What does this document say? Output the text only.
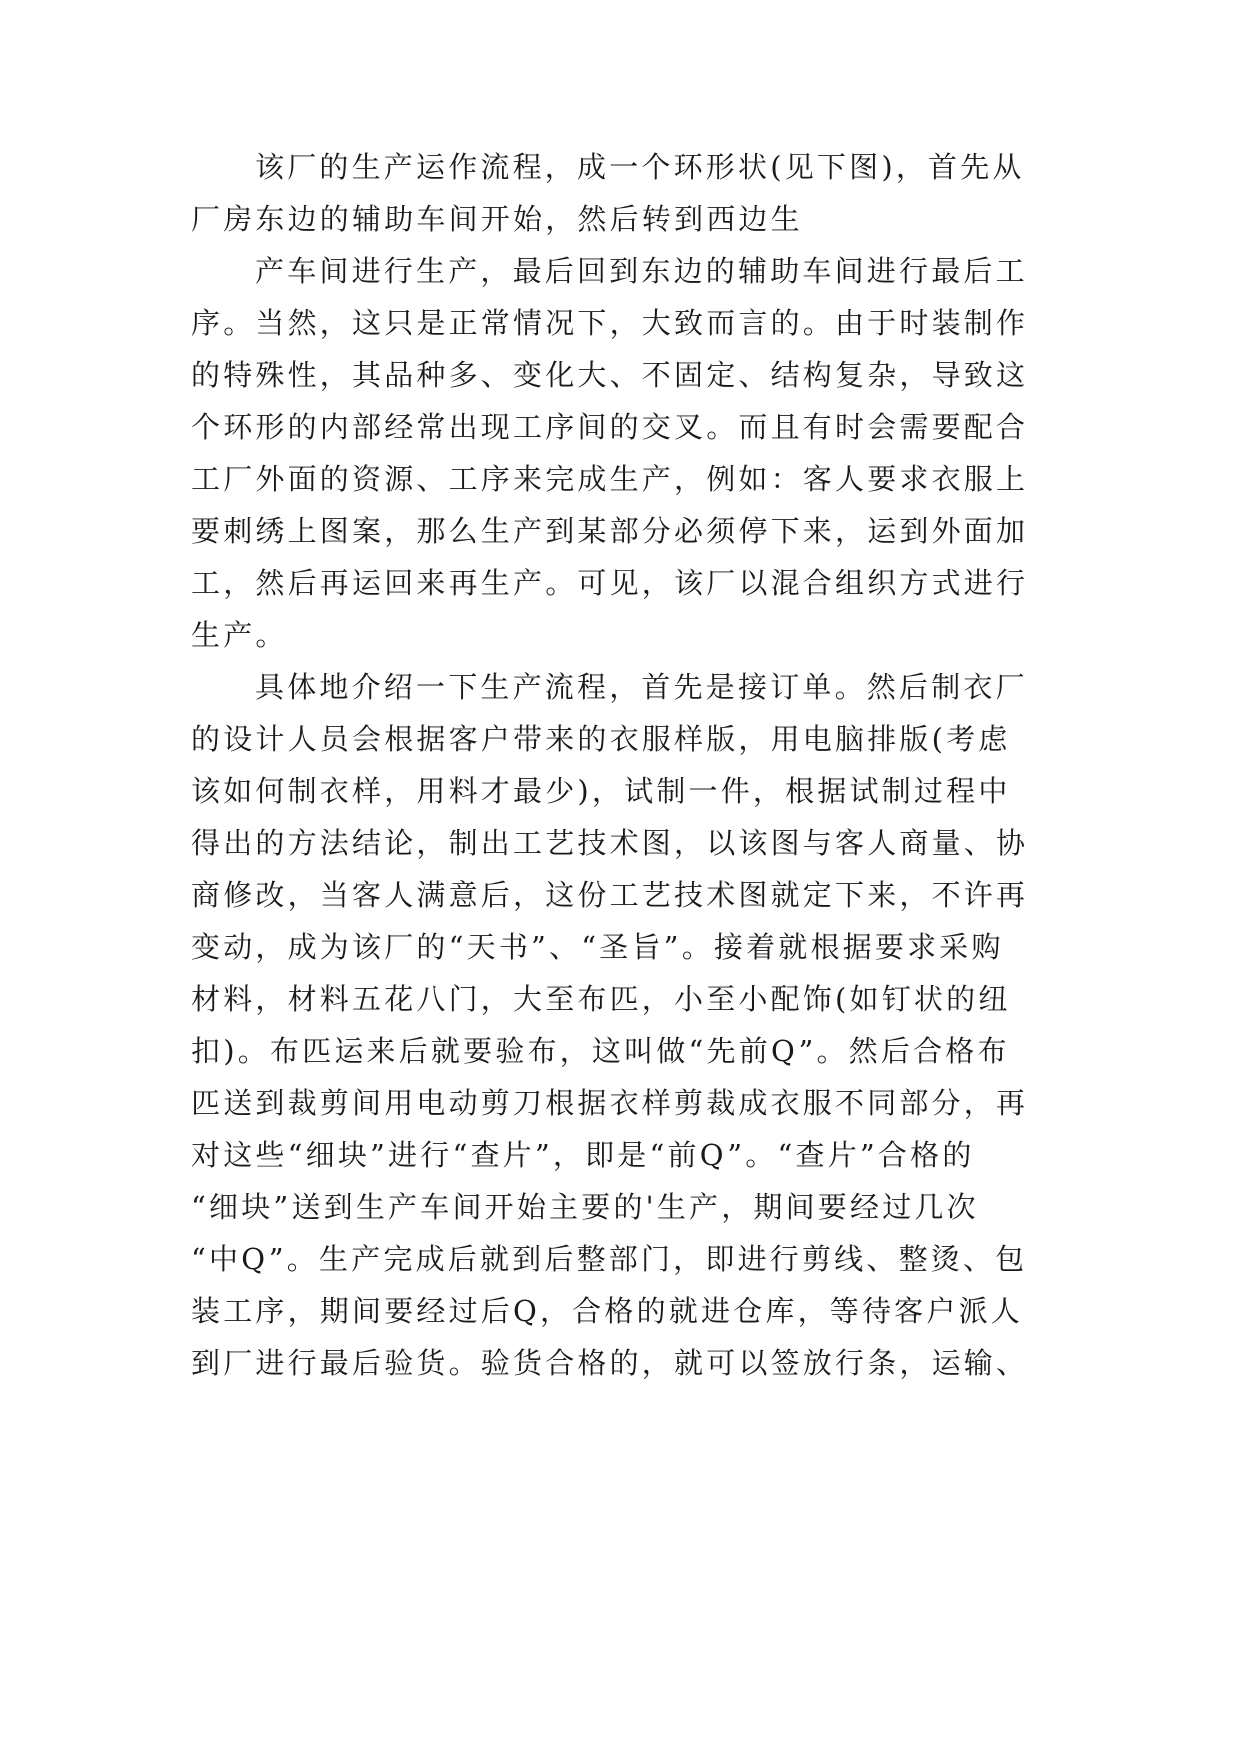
该厂的生产运作流程，成一个环形状(见下图)，首先从
厂房东边的辅助车间开始，然后转到西边生
产车间进行生产，最后回到东边的辅助车间进行最后工
序。当然，这只是正常情况下，大致而言的。由于时装制作
的特殊性，其品种多、变化大、不固定、结构复杂，导致这
个环形的内部经常出现工序间的交叉。而且有时会需要配合
工厂外面的资源、工序来完成生产，例如：客人要求衣服上
要刺绣上图案，那么生产到某部分必须停下来，运到外面加
工，然后再运回来再生产。可见，该厂以混合组织方式进行
生产。
具体地介绍一下生产流程，首先是接订单。然后制衣厂
的设计人员会根据客户带来的衣服样版，用电脑排版(考虑
该如何制衣样，用料才最少)，试制一件，根据试制过程中
得出的方法结论，制出工艺技术图，以该图与客人商量、协
商修改，当客人满意后，这份工艺技术图就定下来，不许再
变动，成为该厂的“天书”、“圣旨”。接着就根据要求采购
材料，材料五花八门，大至布匹，小至小配饰(如钉状的纽
扣)。布匹运来后就要验布，这叫做“先前Q”。然后合格布
匹送到裁剪间用电动剪刀根据衣样剪裁成衣服不同部分，再
对这些“细块”进行“查片”，即是“前Q”。“查片”合格的
“细块”送到生产车间开始主要的'生产，期间要经过几次
“中Q”。生产完成后就到后整部门，即进行剪线、整烫、包
装工序，期间要经过后Q，合格的就进仓库，等待客户派人
到厂进行最后验货。验货合格的，就可以签放行条，运输、
